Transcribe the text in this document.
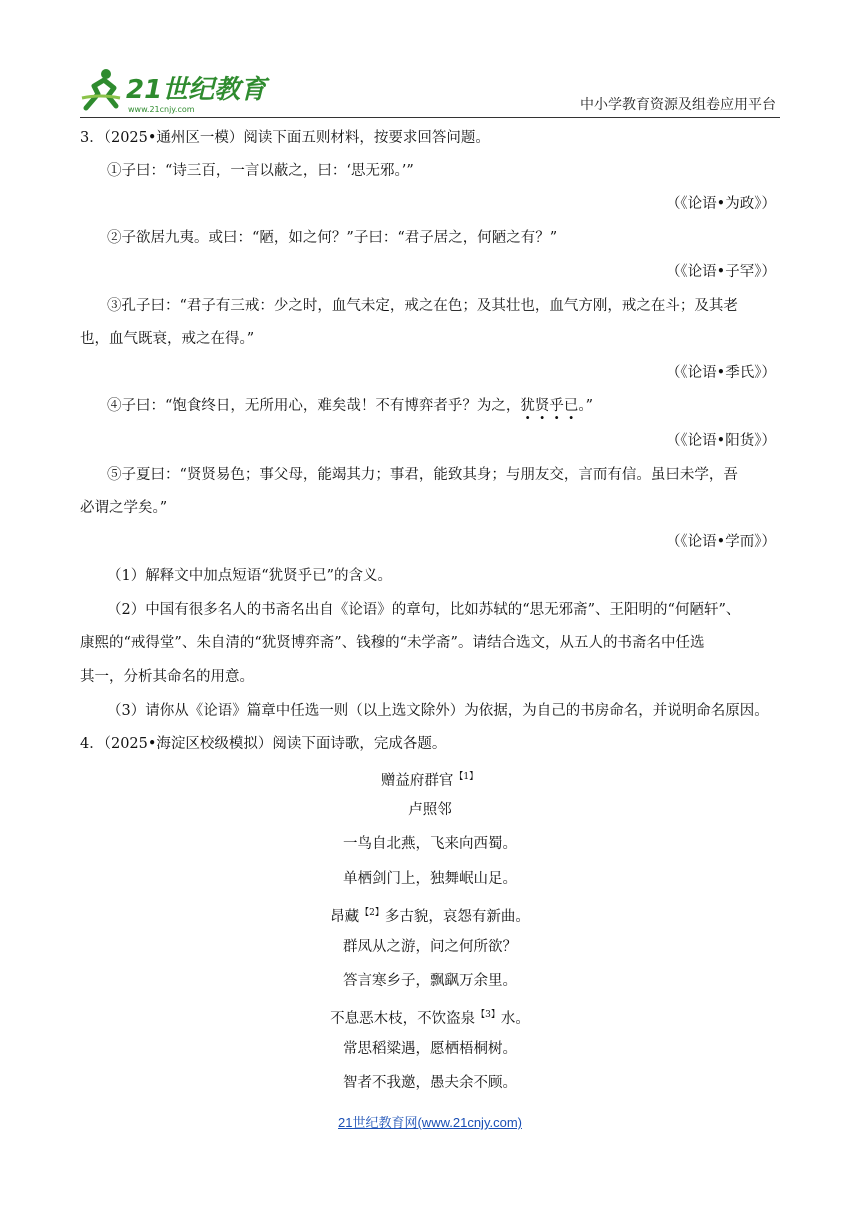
21世纪教育
www.21cnjy.com	中小学教育资源及组卷应用平台
3．（2025•通州区一模）阅读下面五则材料，按要求回答问题。
①子曰：“诗三百，一言以蔽之，曰：‘思无邪。’”
（《论语•为政》）
②子欲居九夷。或曰：“陋，如之何？”子曰：“君子居之，何陋之有？”
（《论语•子罕》）
③孔子曰：“君子有三戒：少之时，血气未定，戒之在色；及其壮也，血气方刚，戒之在斗；及其老
也，血气既衰，戒之在得。”
（《论语•季氏》）
④子曰：“饱食终日，无所用心，难矣哉！不有博弈者乎？为之，犹贤乎已。”
（《论语•阳货》）
⑤子夏曰：“贤贤易色；事父母，能竭其力；事君，能致其身；与朋友交，言而有信。虽曰未学，吾
必谓之学矣。”
（《论语•学而》）
（1）解释文中加点短语“犹贤乎已”的含义。
（2）中国有很多名人的书斋名出自《论语》的章句，比如苏轼的“思无邪斋”、王阳明的“何陋轩”、
康熙的“戒得堂”、朱自清的“犹贤博弈斋”、钱穆的“未学斋”。请结合选文，从五人的书斋名中任选
其一，分析其命名的用意。
（3）请你从《论语》篇章中任选一则（以上选文除外）为依据，为自己的书房命名，并说明命名原因。
4．（2025•海淀区校级模拟）阅读下面诗歌，完成各题。
赠益府群官$^{【1】}$
卢照邻
一鸟自北燕，飞来向西蜀。
单栖剑门上，独舞岷山足。
昂藏$^{【2】}$多古貌，哀怨有新曲。
群凤从之游，问之何所欲？
答言寒乡子，飘飖万余里。
不息恶木枝，不饮盗泉$^{【3】}$水。
常思稻粱遇，愿栖梧桐树。
智者不我邀，愚夫余不顾。
21世纪教育网(www.21cnjy.com)
